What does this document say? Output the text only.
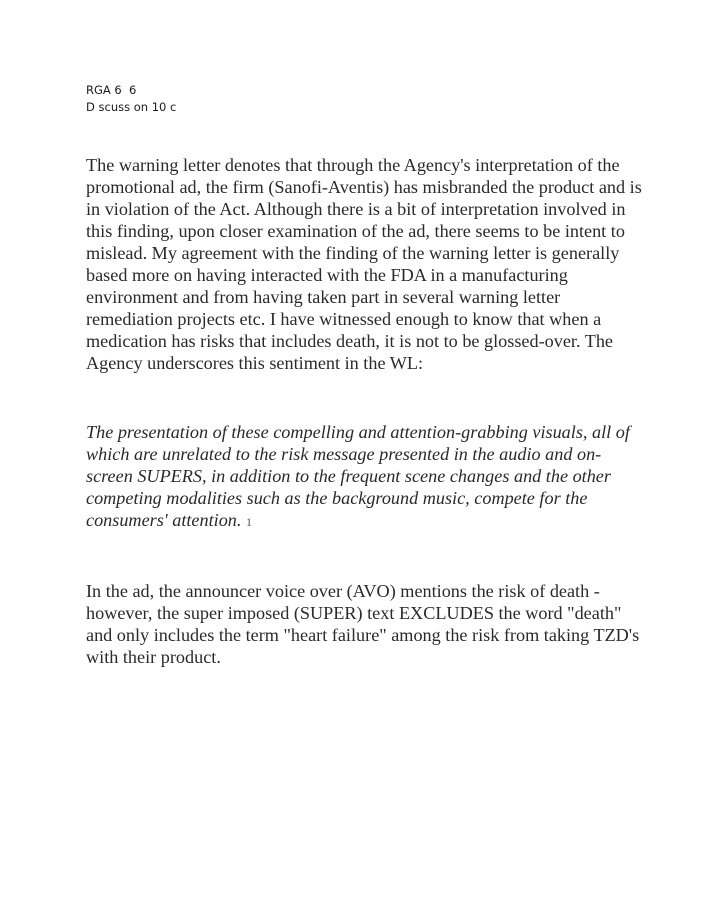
RGA 6  6
D scuss on 10 c

The warning letter denotes that through the Agency's interpretation of the promotional ad, the firm (Sanofi-Aventis) has misbranded the product and is in violation of the Act. Although there is a bit of interpretation involved in this finding, upon closer examination of the ad, there seems to be intent to mislead. My agreement with the finding of the warning letter is generally based more on having interacted with the FDA in a manufacturing environment and from having taken part in several warning letter remediation projects etc. I have witnessed enough to know that when a medication has risks that includes death, it is not to be glossed-over. The Agency underscores this sentiment in the WL:

The presentation of these compelling and attention-grabbing visuals, all of which are unrelated to the risk message presented in the audio and on-screen SUPERS, in addition to the frequent scene changes and the other competing modalities such as the background music, compete for the consumers' attention. 1

In the ad, the announcer voice over (AVO) mentions the risk of death - however, the super imposed (SUPER) text EXCLUDES the word "death" and only includes the term "heart failure" among the risk from taking TZD's with their product.
